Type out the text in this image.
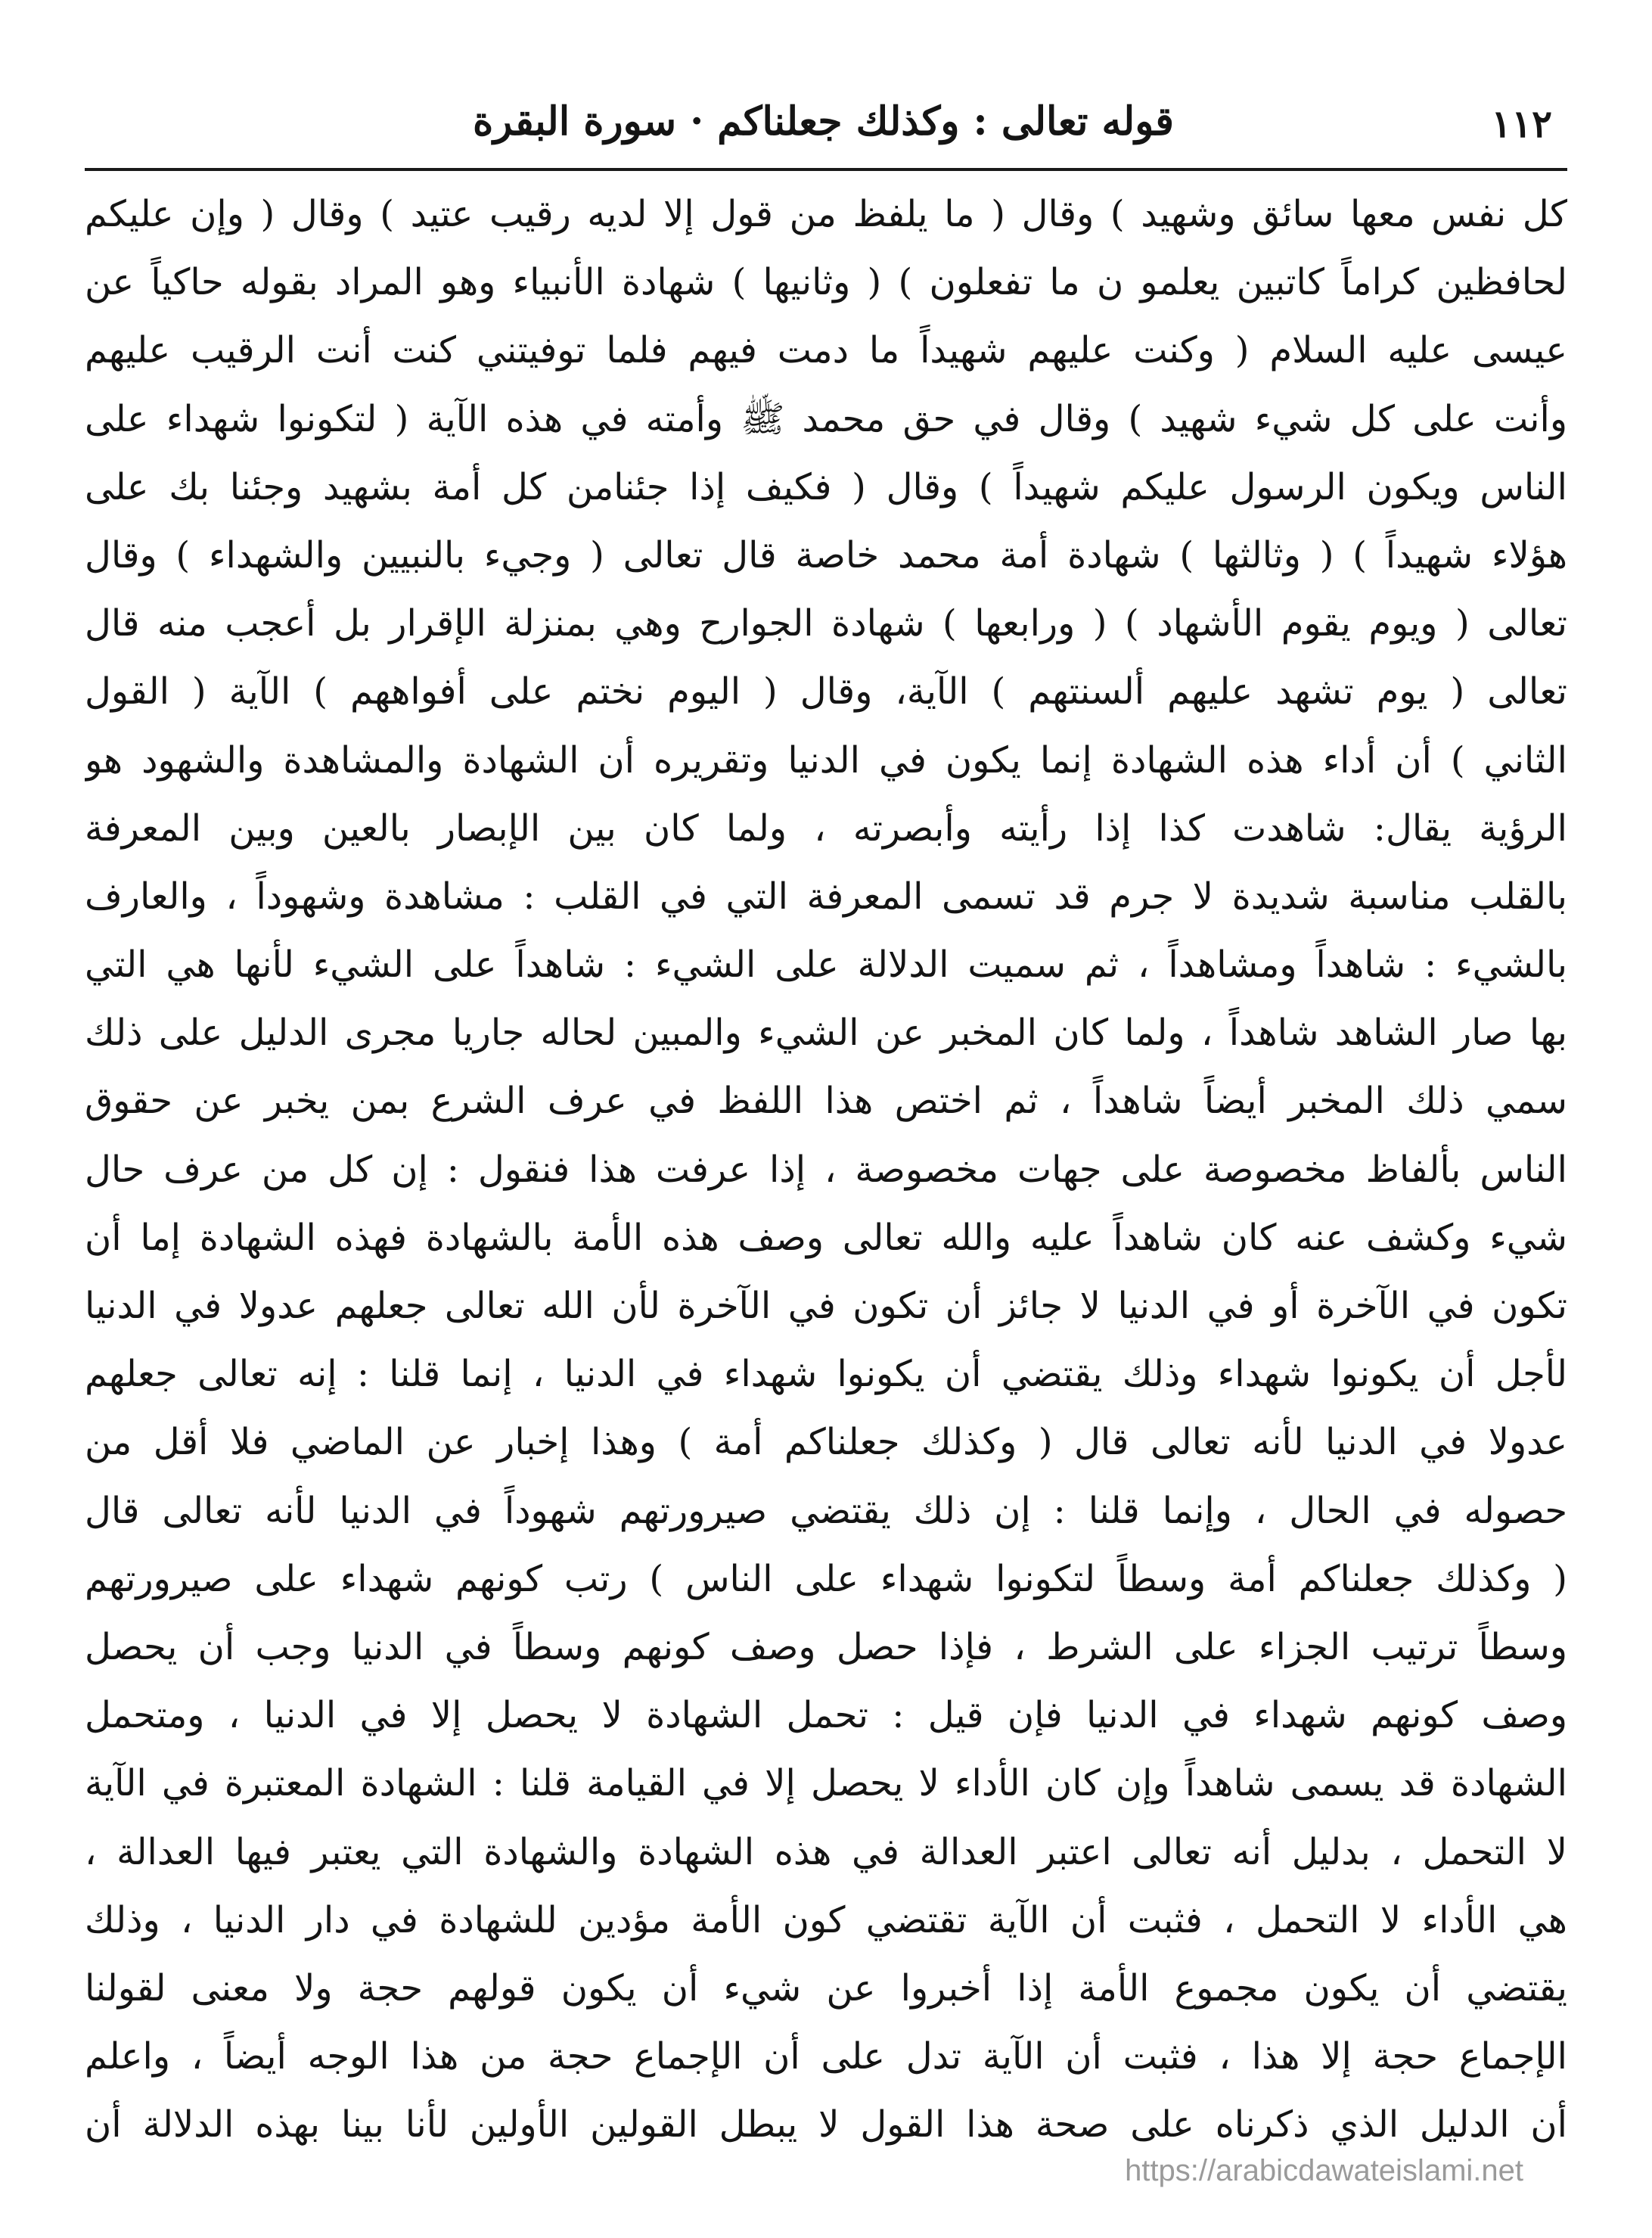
١١٢
قوله تعالى : وكذلك جعلناكم·سورة البقرة
كل نفس معها سائق وشهيد ) وقال ( ما يلفظ من قول إلا لديه رقيب عتيد ) وقال ( وإن عليكم
لحافظين كراماً كاتبين يعلمو ن ما تفعلون ) ( وثانيها ) شهادة الأنبياء وهو المراد بقوله حاكياً عن
عيسى عليه السلام ( وكنت عليهم شهيداً ما دمت فيهم فلما توفيتني كنت أنت الرقيب عليهم
وأنت على كل شيء شهيد ) وقال في حق محمد ﷺ وأمته في هذه الآية ( لتكونوا شهداء على
الناس ويكون الرسول عليكم شهيداً ) وقال ( فكيف إذا جئنامن كل أمة بشهيد وجئنا بك على
هؤلاء شهيداً ) ( وثالثها ) شهادة أمة محمد خاصة قال تعالى ( وجيء بالنبيين والشهداء ) وقال
تعالى ( ويوم يقوم الأشهاد ) ( ورابعها ) شهادة الجوارح وهي بمنزلة الإقرار بل أعجب منه قال
تعالى ( يوم تشهد عليهم ألسنتهم ) الآية، وقال ( اليوم نختم على أفواههم ) الآية ( القول
الثاني ) أن أداء هذه الشهادة إنما يكون في الدنيا وتقريره أن الشهادة والمشاهدة والشهود هو
الرؤية يقال: شاهدت كذا إذا رأيته وأبصرته ، ولما كان بين الإبصار بالعين وبين المعرفة
بالقلب مناسبة شديدة لا جرم قد تسمى المعرفة التي في القلب : مشاهدة وشهوداً ، والعارف
بالشيء : شاهداً ومشاهداً ، ثم سميت الدلالة على الشيء : شاهداً على الشيء لأنها هي التي
بها صار الشاهد شاهداً ، ولما كان المخبر عن الشيء والمبين لحاله جاريا مجرى الدليل على ذلك
سمي ذلك المخبر أيضاً شاهداً ، ثم اختص هذا اللفظ في عرف الشرع بمن يخبر عن حقوق
الناس بألفاظ مخصوصة على جهات مخصوصة ، إذا عرفت هذا فنقول : إن كل من عرف حال
شيء وكشف عنه كان شاهداً عليه والله تعالى وصف هذه الأمة بالشهادة فهذه الشهادة إما أن
تكون في الآخرة أو في الدنيا لا جائز أن تكون في الآخرة لأن الله تعالى جعلهم عدولا في الدنيا
لأجل أن يكونوا شهداء وذلك يقتضي أن يكونوا شهداء في الدنيا ، إنما قلنا : إنه تعالى جعلهم
عدولا في الدنيا لأنه تعالى قال ( وكذلك جعلناكم أمة ) وهذا إخبار عن الماضي فلا أقل من
حصوله في الحال ، وإنما قلنا : إن ذلك يقتضي صيرورتهم شهوداً في الدنيا لأنه تعالى قال
( وكذلك جعلناكم أمة وسطاً لتكونوا شهداء على الناس ) رتب كونهم شهداء على صيرورتهم
وسطاً ترتيب الجزاء على الشرط ، فإذا حصل وصف كونهم وسطاً في الدنيا وجب أن يحصل
وصف كونهم شهداء في الدنيا فإن قيل : تحمل الشهادة لا يحصل إلا في الدنيا ، ومتحمل
الشهادة قد يسمى شاهداً وإن كان الأداء لا يحصل إلا في القيامة قلنا : الشهادة المعتبرة في الآية
لا التحمل ، بدليل أنه تعالى اعتبر العدالة في هذه الشهادة والشهادة التي يعتبر فيها العدالة ،
هي الأداء لا التحمل ، فثبت أن الآية تقتضي كون الأمة مؤدين للشهادة في دار الدنيا ، وذلك
يقتضي أن يكون مجموع الأمة إذا أخبروا عن شيء أن يكون قولهم حجة ولا معنى لقولنا
الإجماع حجة إلا هذا ، فثبت أن الآية تدل على أن الإجماع حجة من هذا الوجه أيضاً ، واعلم
أن الدليل الذي ذكرناه على صحة هذا القول لا يبطل القولين الأولين لأنا بينا بهذه الدلالة أن
https://arabicdawateislami.net
